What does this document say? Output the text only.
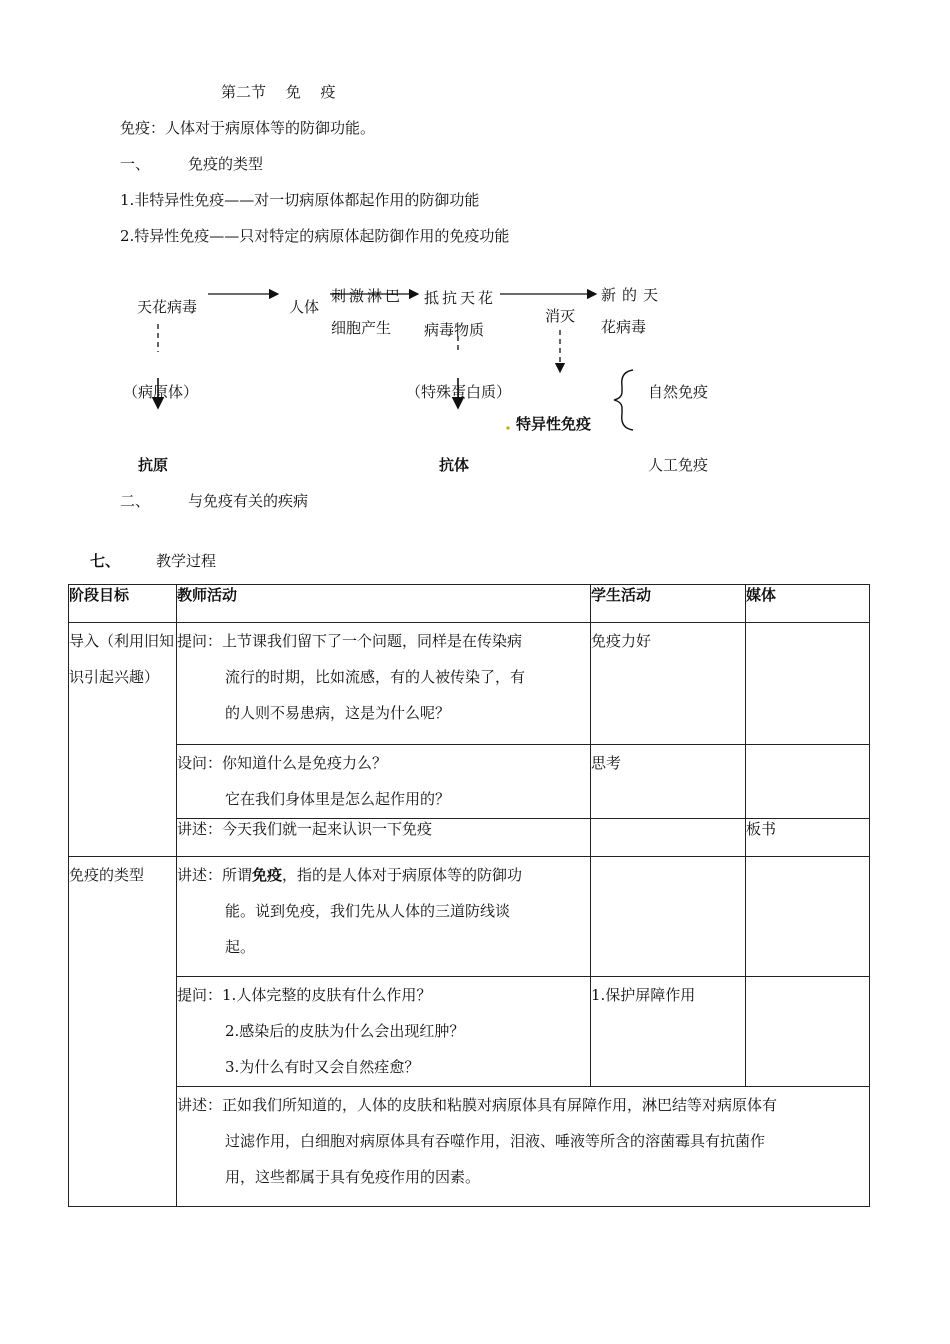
第二节　 免　 疫
免疫：人体对于病原体等的防御功能。
一、	免疫的类型
1.非特异性免疫——对一切病原体都起作用的防御功能
2.特异性免疫——只对特定的病原体起防御作用的免疫功能
天花病毒	人体
刺激淋巴
细胞产生
抵抗天花
病毒物质
消灭
新的天
花病毒
（病原体）	（特殊蛋白质）
特异性免疫
自然免疫
抗原	抗体	人工免疫
二、	与免疫有关的疾病
七、 教学过程
阶段目标	教师活动	学生活动	媒体
导入（利用旧知识引起兴趣）	提问：上节课我们留下了一个问题，同样是在传染病
流行的时期，比如流感，有的人被传染了，有
的人则不易患病，这是为什么呢？	免疫力好	

	设问：你知道什么是免疫力么？
它在我们身体里是怎么起作用的？	思考	
	讲述：今天我们就一起来认识一下免疫		板书
免疫的类型	讲述：所谓免疫，指的是人体对于病原体等的防御功
能。说到免疫，我们先从人体的三道防线谈
起。		

	提问：1.人体完整的皮肤有什么作用？
2.感染后的皮肤为什么会出现红肿？
3.为什么有时又会自然痊愈？	1.保护屏障作用	

	讲述：正如我们所知道的，人体的皮肤和粘膜对病原体具有屏障作用，淋巴结等对病原体有
过滤作用，白细胞对病原体具有吞噬作用，泪液、唾液等所含的溶菌霉具有抗菌作
用，这些都属于具有免疫作用的因素。		
